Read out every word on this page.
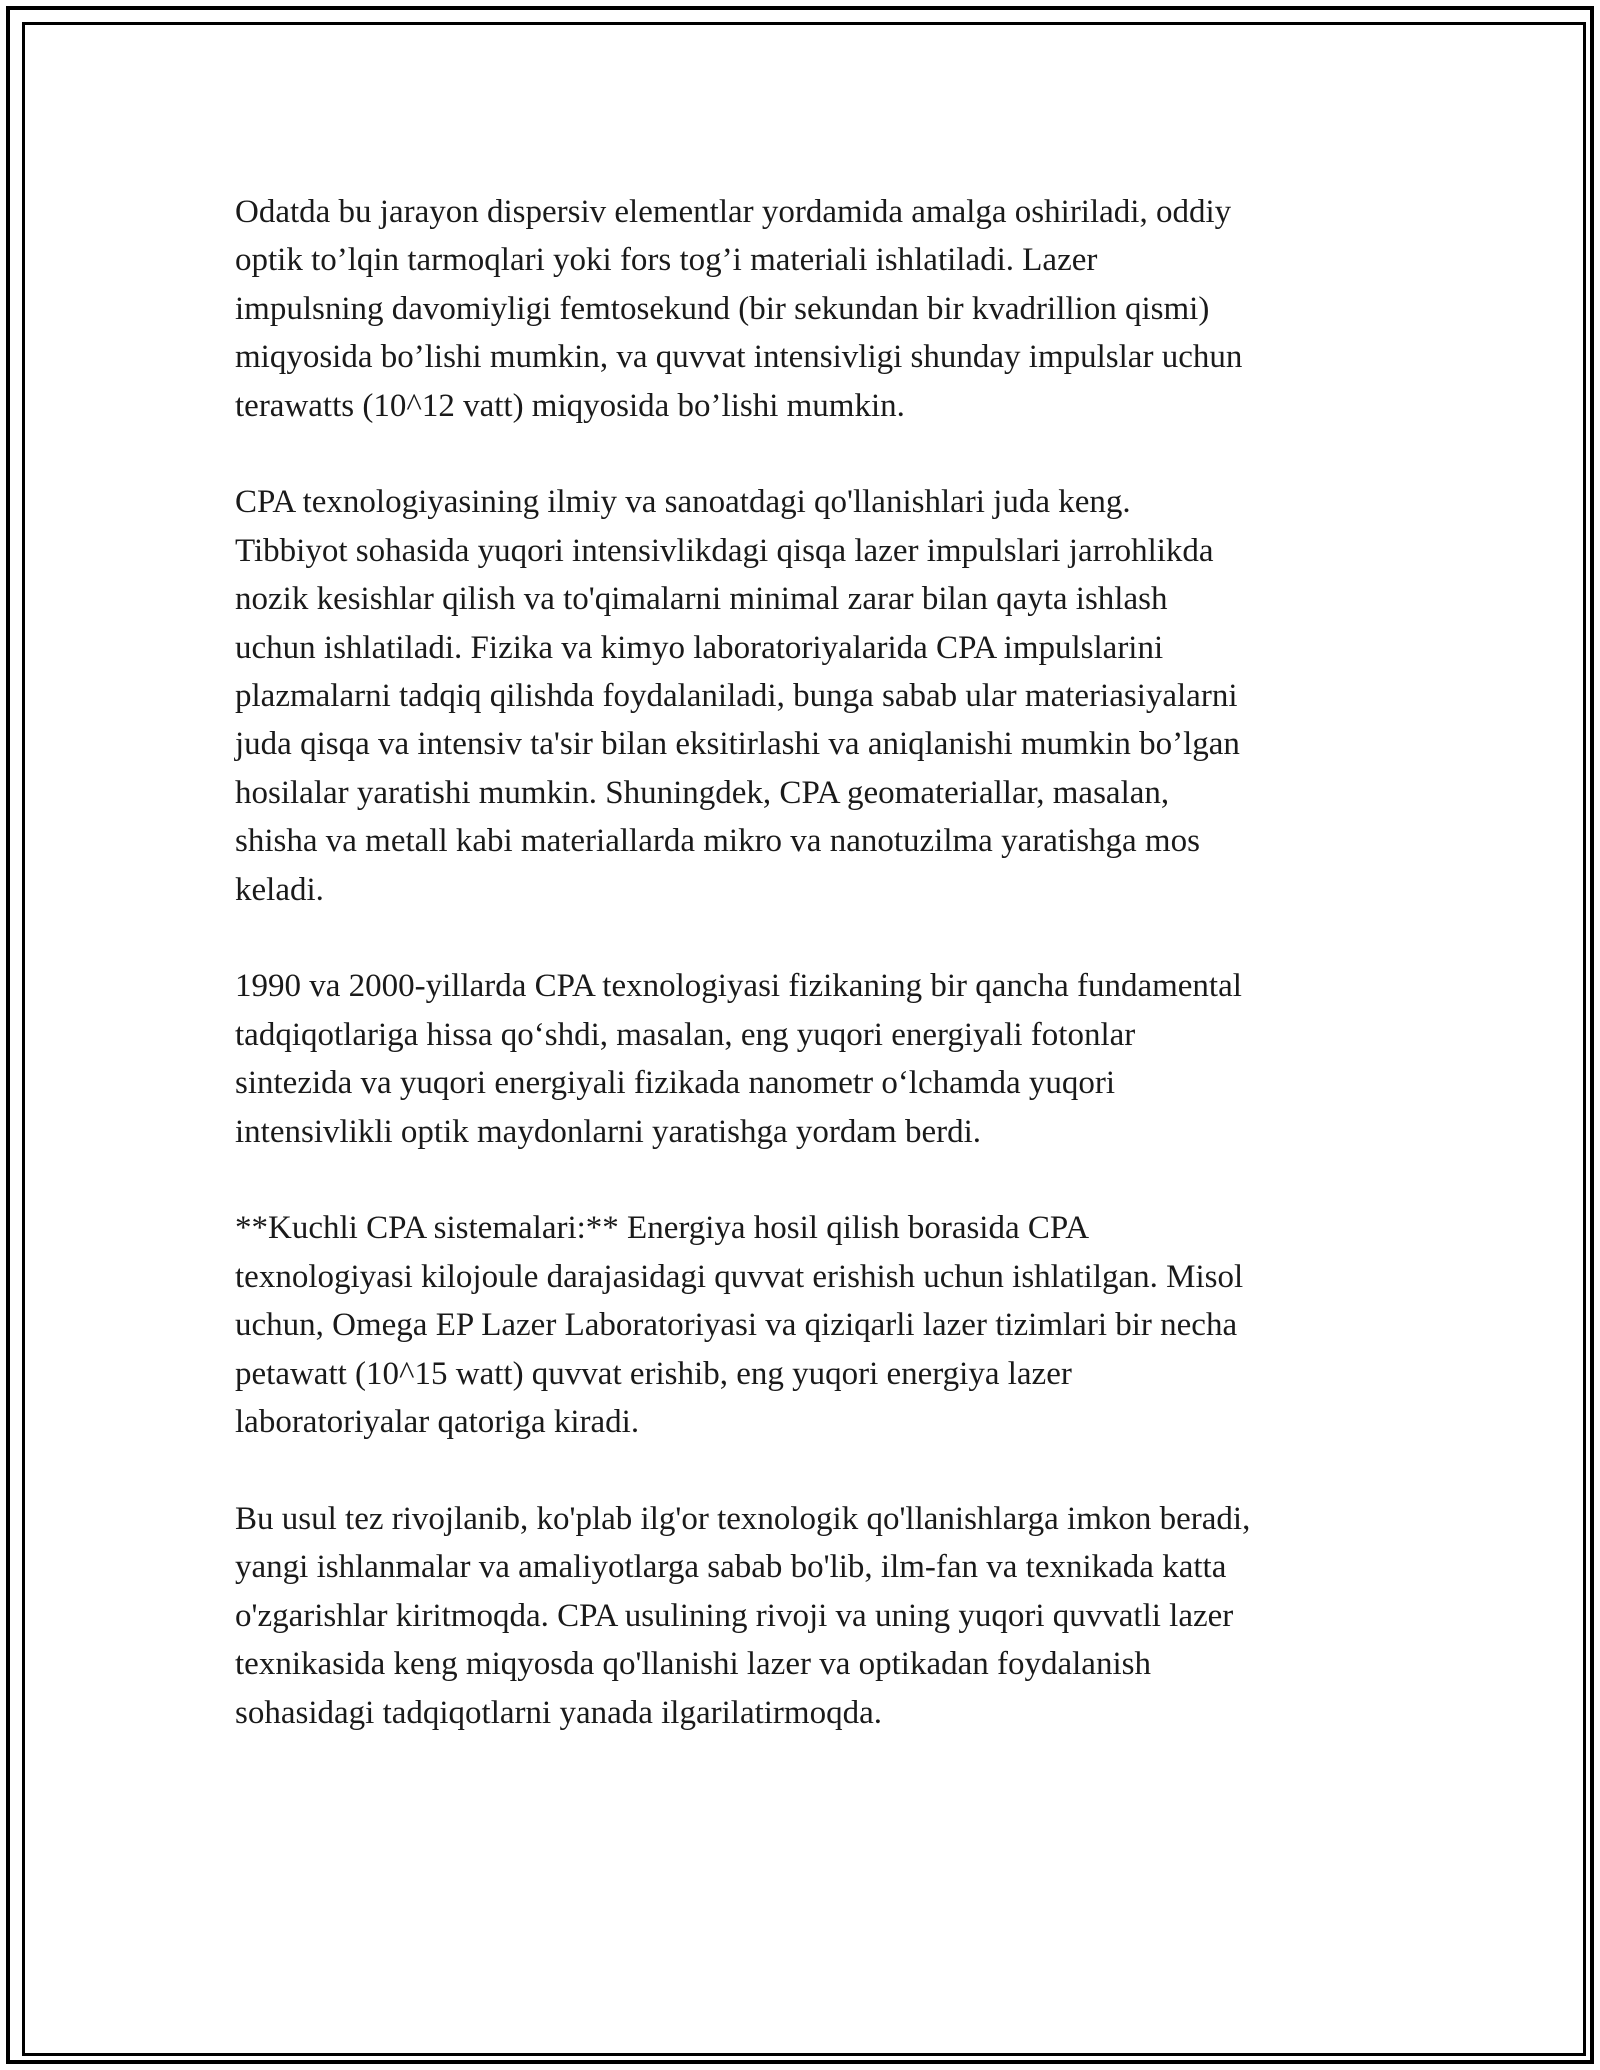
Odatda bu jarayon dispersiv elementlar yordamida amalga oshiriladi, oddiy
optik to’lqin tarmoqlari yoki fors tog’i materiali ishlatiladi. Lazer
impulsning davomiyligi femtosekund (bir sekundan bir kvadrillion qismi)
miqyosida bo’lishi mumkin, va quvvat intensivligi shunday impulslar uchun
terawatts (10^12 vatt) miqyosida bo’lishi mumkin.

CPA texnologiyasining ilmiy va sanoatdagi qo'llanishlari juda keng.
Tibbiyot sohasida yuqori intensivlikdagi qisqa lazer impulslari jarrohlikda
nozik kesishlar qilish va to'qimalarni minimal zarar bilan qayta ishlash
uchun ishlatiladi. Fizika va kimyo laboratoriyalarida CPA impulslarini
plazmalarni tadqiq qilishda foydalaniladi, bunga sabab ular materiasiyalarni
juda qisqa va intensiv ta'sir bilan eksitirlashi va aniqlanishi mumkin bo’lgan
hosilalar yaratishi mumkin. Shuningdek, CPA geomateriallar, masalan,
shisha va metall kabi materiallarda mikro va nanotuzilma yaratishga mos
keladi.

1990 va 2000-yillarda CPA texnologiyasi fizikaning bir qancha fundamental
tadqiqotlariga hissa qo‘shdi, masalan, eng yuqori energiyali fotonlar
sintezida va yuqori energiyali fizikada nanometr o‘lchamda yuqori
intensivlikli optik maydonlarni yaratishga yordam berdi.

**Kuchli CPA sistemalari:** Energiya hosil qilish borasida CPA
texnologiyasi kilojoule darajasidagi quvvat erishish uchun ishlatilgan. Misol
uchun, Omega EP Lazer Laboratoriyasi va qiziqarli lazer tizimlari bir necha
petawatt (10^15 watt) quvvat erishib, eng yuqori energiya lazer
laboratoriyalar qatoriga kiradi.

Bu usul tez rivojlanib, ko'plab ilg'or texnologik qo'llanishlarga imkon beradi,
yangi ishlanmalar va amaliyotlarga sabab bo'lib, ilm-fan va texnikada katta
o'zgarishlar kiritmoqda. CPA usulining rivoji va uning yuqori quvvatli lazer
texnikasida keng miqyosda qo'llanishi lazer va optikadan foydalanish
sohasidagi tadqiqotlarni yanada ilgarilatirmoqda.
